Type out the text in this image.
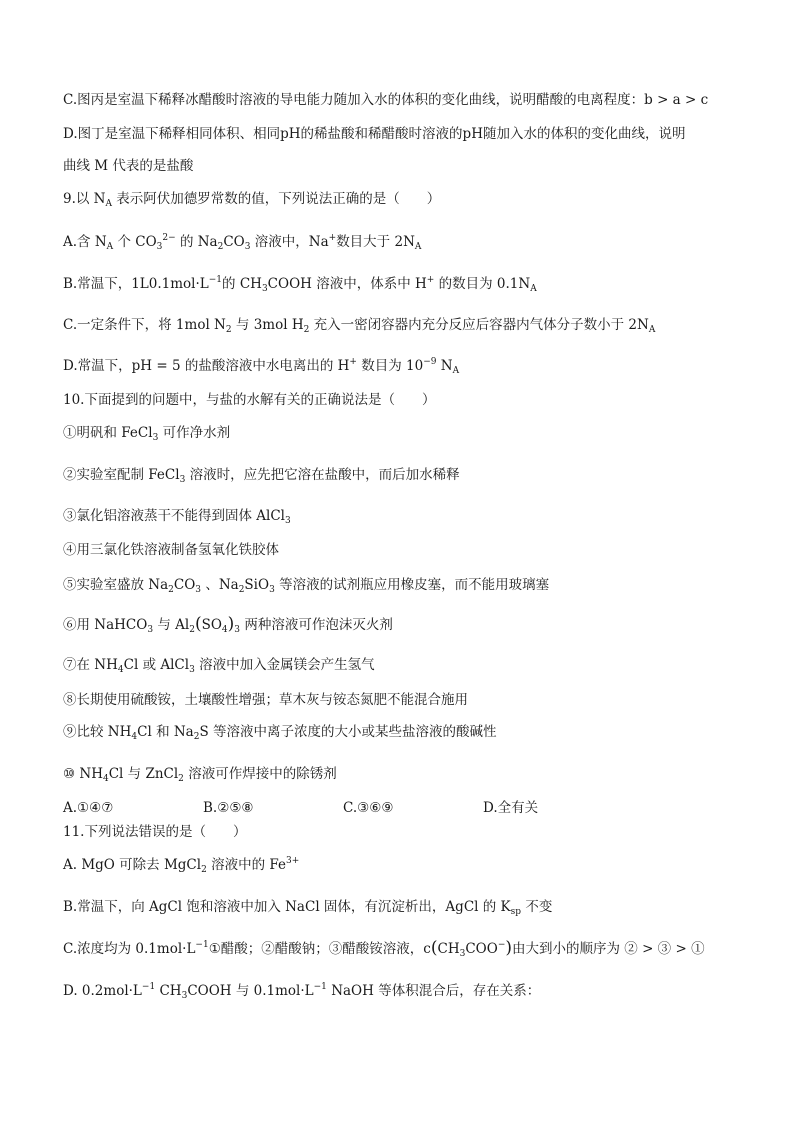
C.图丙是室温下稀释冰醋酸时溶液的导电能力随加入水的体积的变化曲线，说明醋酸的电离程度：b > a > c
D.图丁是室温下稀释相同体积、相同pH的稀盐酸和稀醋酸时溶液的pH随加入水的体积的变化曲线，说明
曲线 M 代表的是盐酸
9.以 $N_A$ 表示阿伏加德罗常数的值，下列说法正确的是（　　）
A.含 $N_A$ 个 $CO_3^{2-}$ 的 $Na_2CO_3$ 溶液中，Na+数目大于 $2N_A$
B.常温下，$1L0.1mol\cdot L^{-1}$的 $CH_3COOH$ 溶液中，体系中 H+ 的数目为 $0.1N_A$
C.一定条件下，将 1mol $N_2$ 与 3mol $H_2$ 充入一密闭容器内充分反应后容器内气体分子数小于 $2N_A$
D.常温下，pH = 5 的盐酸溶液中水电离出的 H+ 数目为 $10^{-9}$ $N_A$
10.下面提到的问题中，与盐的水解有关的正确说法是（　　）
①明矾和 FeCl$_3$ 可作净水剂
②实验室配制 FeCl$_3$ 溶液时，应先把它溶在盐酸中，而后加水稀释
③氯化铝溶液蒸干不能得到固体 AlCl$_3$
④用三氯化铁溶液制备氢氧化铁胶体
⑤实验室盛放 $Na_2CO_3$ 、$Na_2SiO_3$ 等溶液的试剂瓶应用橡皮塞，而不能用玻璃塞
⑥用 NaHCO$_3$ 与 $Al_2(SO_4)_3$ 两种溶液可作泡沫灭火剂
⑦在 $NH_4Cl$ 或 AlCl$_3$ 溶液中加入金属镁会产生氢气
⑧长期使用硫酸铵，土壤酸性增强；草木灰与铵态氮肥不能混合施用
⑨比较 $NH_4Cl$ 和 $Na_2S$ 等溶液中离子浓度的大小或某些盐溶液的酸碱性
⑩ $NH_4Cl$ 与 ZnCl$_2$ 溶液可作焊接中的除锈剂
A.①④⑦	B.②⑤⑧	C.③⑥⑨	D.全有关
11.下列说法错误的是（　　）
A. MgO 可除去 MgCl$_2$ 溶液中的 $Fe^{3+}$
B.常温下，向 AgCl 饱和溶液中加入 NaCl 固体，有沉淀析出，AgCl 的 $K_{sp}$ 不变
C.浓度均为 $0.1mol\cdot L^{-1}①$醋酸；②醋酸钠；③醋酸铵溶液，$c(CH_3COO^-)$由大到小的顺序为 ② > ③ > ①
D. $0.2mol\cdot L^{-1}$ $CH_3COOH$ 与 $0.1mol\cdot L^{-1}$ NaOH 等体积混合后，存在关系：
